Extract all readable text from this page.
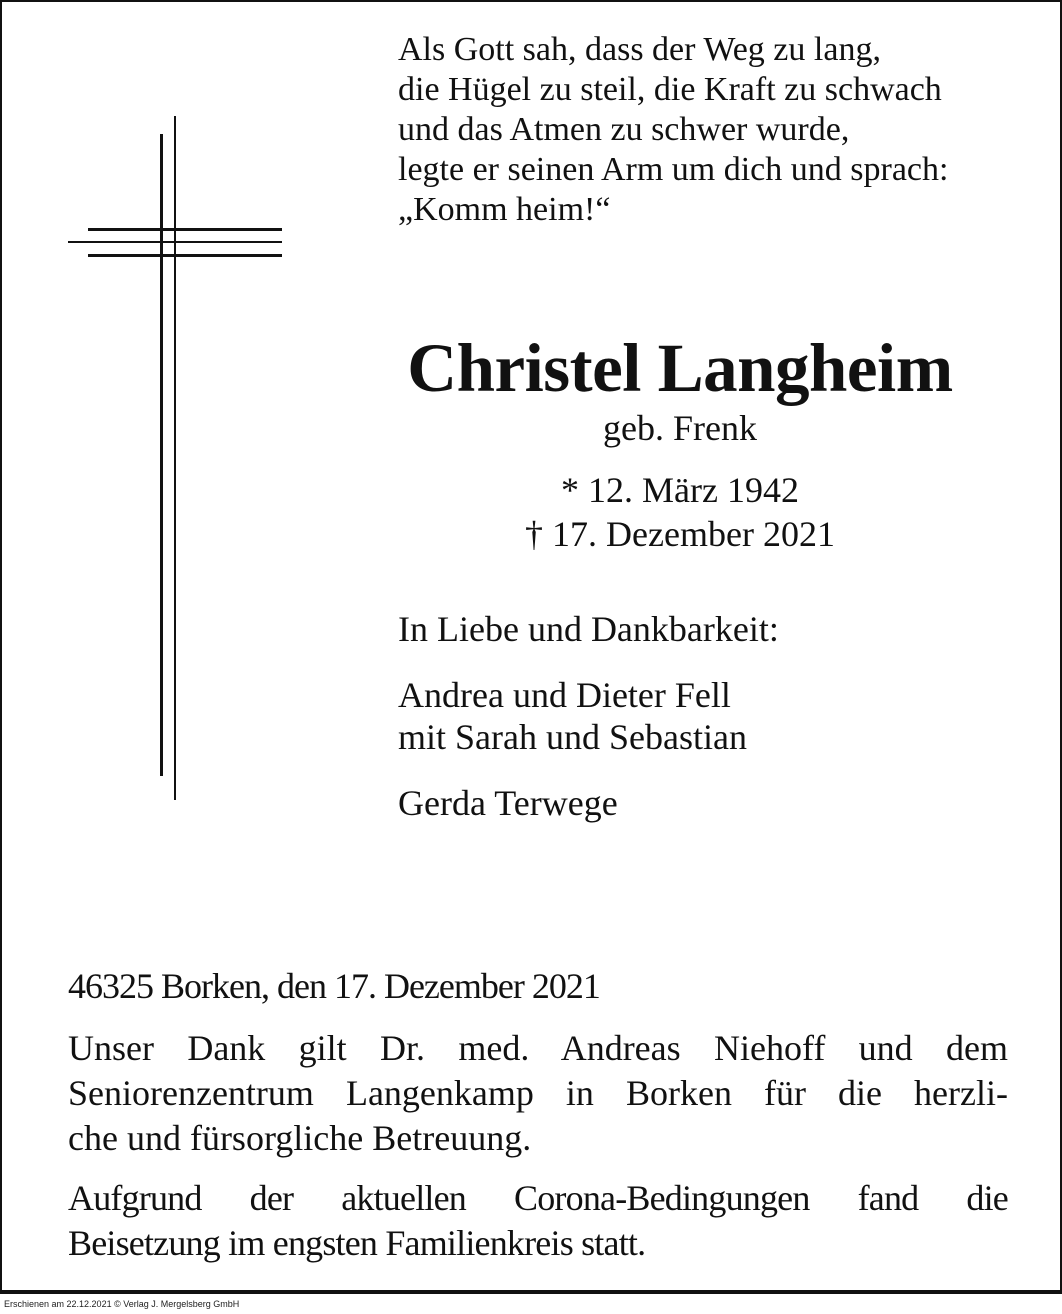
Als Gott sah, dass der Weg zu lang,
die Hügel zu steil, die Kraft zu schwach
und das Atmen zu schwer wurde,
legte er seinen Arm um dich und sprach:
„Komm heim!“
Christel Langheim
geb. Frenk
* 12. März 1942
† 17. Dezember 2021
In Liebe und Dankbarkeit:
Andrea und Dieter Fell
mit Sarah und Sebastian
Gerda Terwege
46325 Borken, den 17. Dezember 2021
Unser Dank gilt Dr. med. Andreas Niehoff und dem
Seniorenzentrum Langenkamp in Borken für die herzli-
che und fürsorgliche Betreuung.
Aufgrund der aktuellen Corona-Bedingungen fand die
Beisetzung im engsten Familienkreis statt.
Erschienen am 22.12.2021 © Verlag J. Mergelsberg GmbH
